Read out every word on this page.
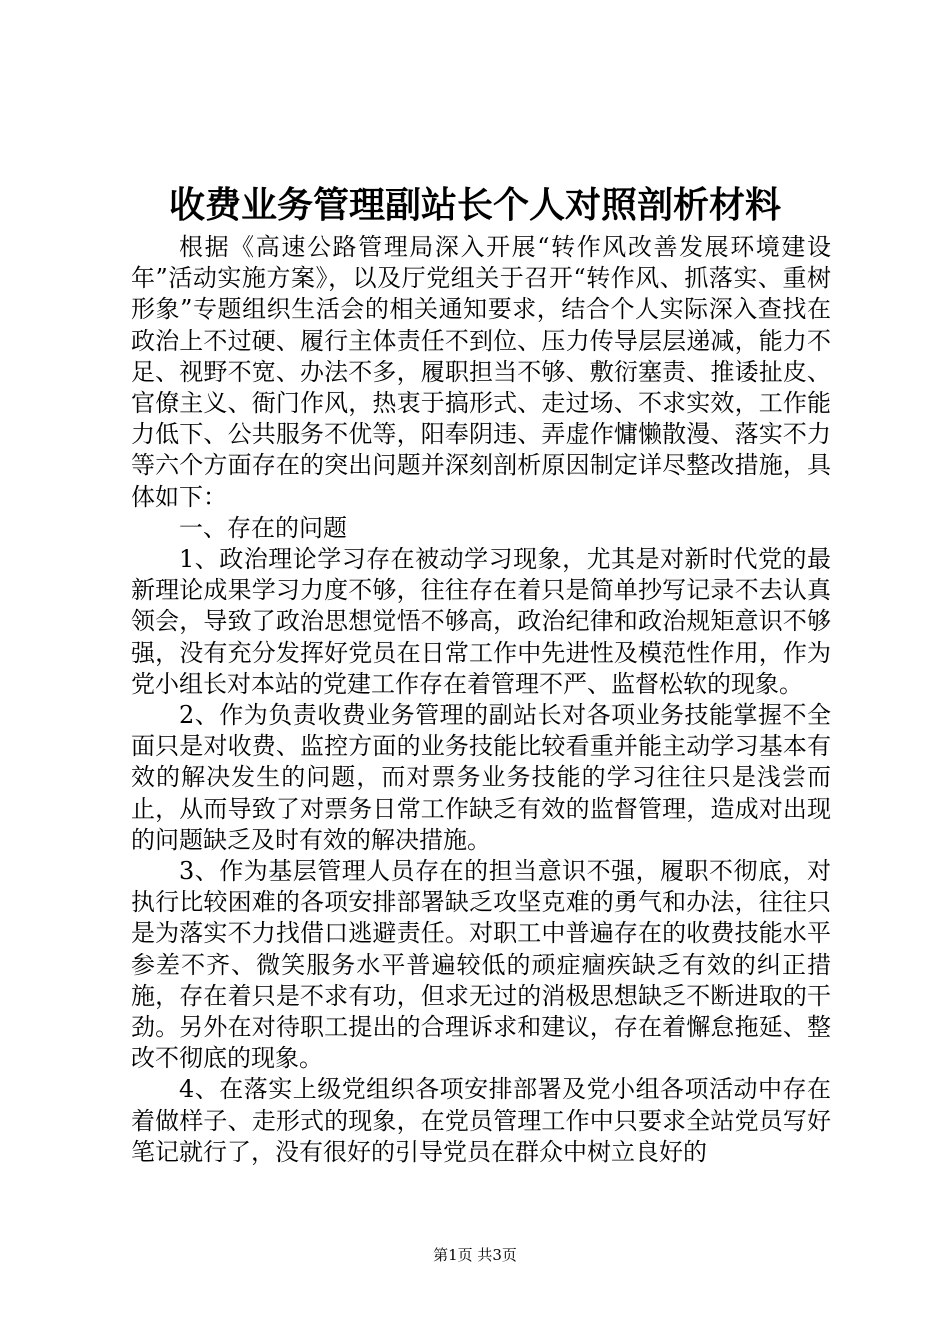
收费业务管理副站长个人对照剖析材料

根据《高速公路管理局深入开展“转作风改善发展环境建设年”活动实施方案》，以及厅党组关于召开“转作风、抓落实、重树形象”专题组织生活会的相关通知要求，结合个人实际深入查找在政治上不过硬、履行主体责任不到位、压力传导层层递减，能力不足、视野不宽、办法不多，履职担当不够、敷衍塞责、推诿扯皮、官僚主义、衙门作风，热衷于搞形式、走过场、不求实效，工作能力低下、公共服务不优等，阳奉阴违、弄虚作慵懒散漫、落实不力等六个方面存在的突出问题并深刻剖析原因制定详尽整改措施，具体如下：

一、存在的问题

1、政治理论学习存在被动学习现象，尤其是对新时代党的最新理论成果学习力度不够，往往存在着只是简单抄写记录不去认真领会，导致了政治思想觉悟不够高，政治纪律和政治规矩意识不够强，没有充分发挥好党员在日常工作中先进性及模范性作用，作为党小组长对本站的党建工作存在着管理不严、监督松软的现象。

2、作为负责收费业务管理的副站长对各项业务技能掌握不全面只是对收费、监控方面的业务技能比较看重并能主动学习基本有效的解决发生的问题，而对票务业务技能的学习往往只是浅尝而止，从而导致了对票务日常工作缺乏有效的监督管理，造成对出现的问题缺乏及时有效的解决措施。

3、作为基层管理人员存在的担当意识不强，履职不彻底，对执行比较困难的各项安排部署缺乏攻坚克难的勇气和办法，往往只是为落实不力找借口逃避责任。对职工中普遍存在的收费技能水平参差不齐、微笑服务水平普遍较低的顽症痼疾缺乏有效的纠正措施，存在着只是不求有功，但求无过的消极思想缺乏不断进取的干劲。另外在对待职工提出的合理诉求和建议，存在着懈怠拖延、整改不彻底的现象。

4、在落实上级党组织各项安排部署及党小组各项活动中存在着做样子、走形式的现象，在党员管理工作中只要求全站党员写好笔记就行了，没有很好的引导党员在群众中树立良好的

第1页 共3页
